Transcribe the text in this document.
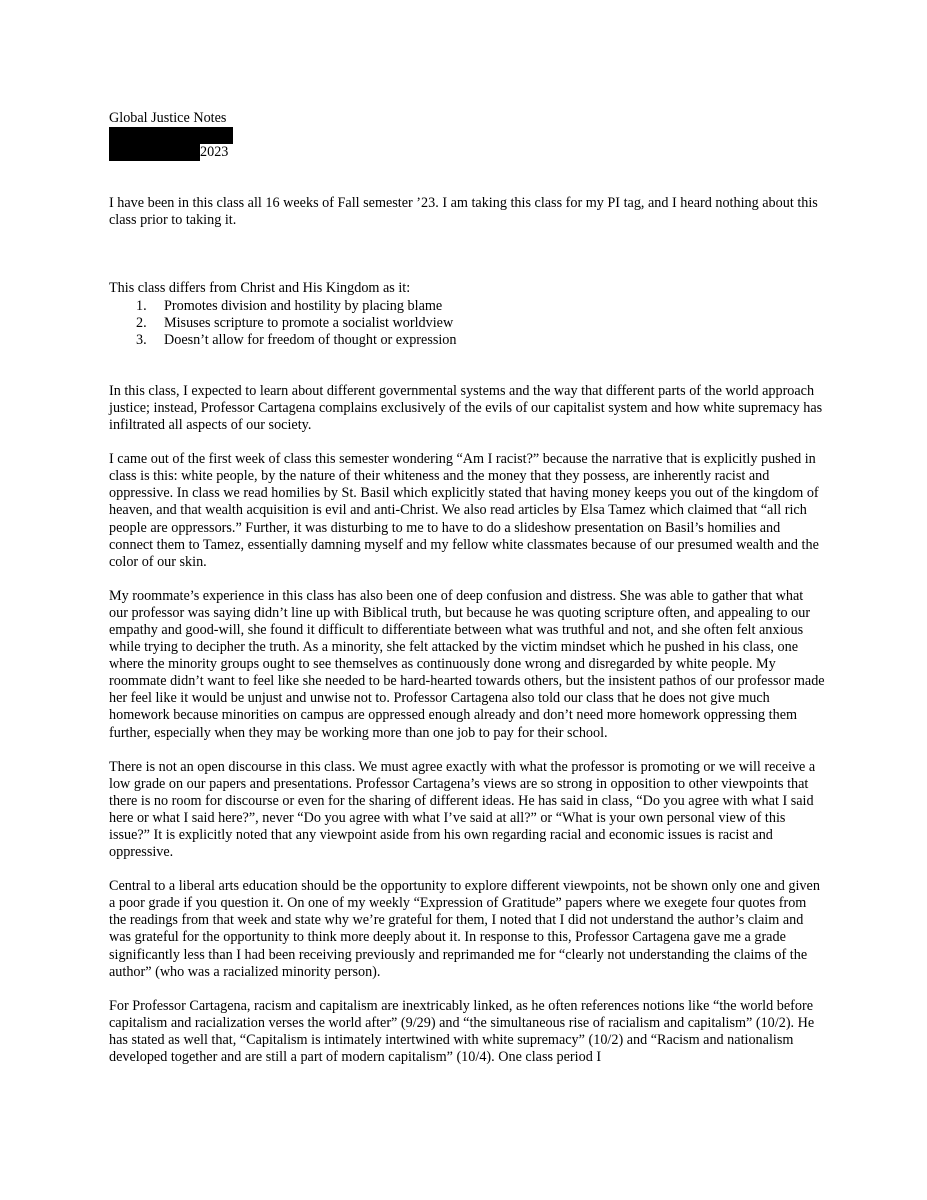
Global Justice Notes
2023

I have been in this class all 16 weeks of Fall semester ’23. I am taking this class for my PI tag, and I heard nothing about this class prior to taking it.

This class differs from Christ and His Kingdom as it:

1. Promotes division and hostility by placing blame
2. Misuses scripture to promote a socialist worldview
3. Doesn’t allow for freedom of thought or expression

In this class, I expected to learn about different governmental systems and the way that different parts of the world approach justice; instead, Professor Cartagena complains exclusively of the evils of our capitalist system and how white supremacy has infiltrated all aspects of our society.

I came out of the first week of class this semester wondering “Am I racist?” because the narrative that is explicitly pushed in class is this: white people, by the nature of their whiteness and the money that they possess, are inherently racist and oppressive. In class we read homilies by St. Basil which explicitly stated that having money keeps you out of the kingdom of heaven, and that wealth acquisition is evil and anti-Christ. We also read articles by Elsa Tamez which claimed that “all rich people are oppressors.” Further, it was disturbing to me to have to do a slideshow presentation on Basil’s homilies and connect them to Tamez, essentially damning myself and my fellow white classmates because of our presumed wealth and the color of our skin.

My roommate’s experience in this class has also been one of deep confusion and distress. She was able to gather that what our professor was saying didn’t line up with Biblical truth, but because he was quoting scripture often, and appealing to our empathy and good-will, she found it difficult to differentiate between what was truthful and not, and she often felt anxious while trying to decipher the truth. As a minority, she felt attacked by the victim mindset which he pushed in his class, one where the minority groups ought to see themselves as continuously done wrong and disregarded by white people. My roommate didn’t want to feel like she needed to be hard-hearted towards others, but the insistent pathos of our professor made her feel like it would be unjust and unwise not to. Professor Cartagena also told our class that he does not give much homework because minorities on campus are oppressed enough already and don’t need more homework oppressing them further, especially when they may be working more than one job to pay for their school.

There is not an open discourse in this class. We must agree exactly with what the professor is promoting or we will receive a low grade on our papers and presentations. Professor Cartagena’s views are so strong in opposition to other viewpoints that there is no room for discourse or even for the sharing of different ideas. He has said in class, “Do you agree with what I said here or what I said here?”, never “Do you agree with what I’ve said at all?” or “What is your own personal view of this issue?” It is explicitly noted that any viewpoint aside from his own regarding racial and economic issues is racist and oppressive.

Central to a liberal arts education should be the opportunity to explore different viewpoints, not be shown only one and given a poor grade if you question it. On one of my weekly “Expression of Gratitude” papers where we exegete four quotes from the readings from that week and state why we’re grateful for them, I noted that I did not understand the author’s claim and was grateful for the opportunity to think more deeply about it. In response to this, Professor Cartagena gave me a grade significantly less than I had been receiving previously and reprimanded me for “clearly not understanding the claims of the author” (who was a racialized minority person).

For Professor Cartagena, racism and capitalism are inextricably linked, as he often references notions like “the world before capitalism and racialization verses the world after” (9/29) and “the simultaneous rise of racialism and capitalism” (10/2). He has stated as well that, “Capitalism is intimately intertwined with white supremacy” (10/2) and “Racism and nationalism developed together and are still a part of modern capitalism” (10/4). One class period I
